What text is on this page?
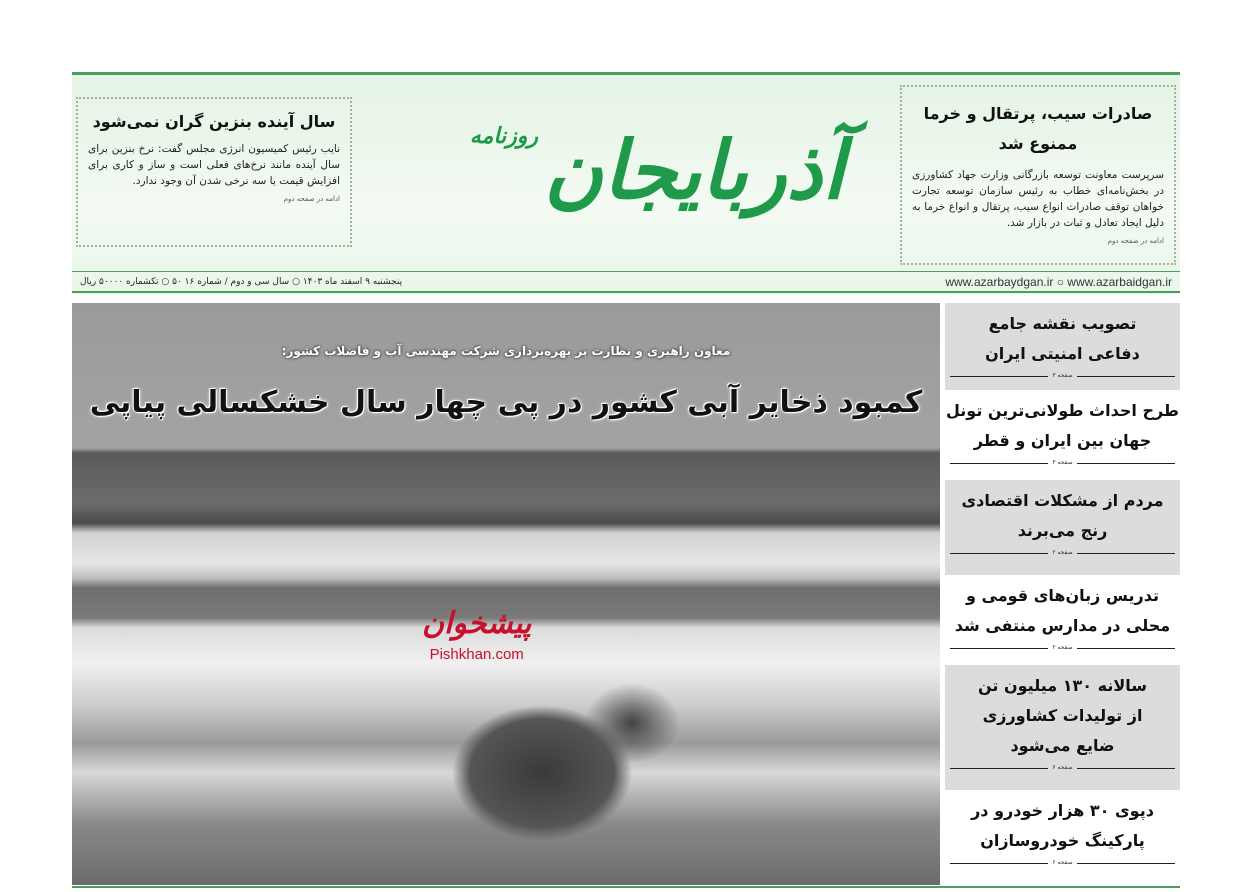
صادرات سیب، پرتقال و خرما ممنوع شد

سرپرست معاونت توسعه بازرگانی وزارت جهاد کشاورزی در بخش‌نامه‌ای خطاب به رئیس سازمان توسعه تجارت خواهان توقف صادرات انواع سیب، پرتقال و انواع خرما به دلیل ایجاد تعادل و ثبات در بازار شد.

ادامه در صفحه دوم
آذربایجان
روزنامه
سال آینده بنزین گران نمی‌شود

نایب رئیس کمیسیون انرژی مجلس گفت: نرخ بنزین برای سال آینده مانند نرخ‌های فعلی است و ساز و کاری برای افزایش قیمت یا سه نرخی شدن آن وجود ندارد.

ادامه در صفحه دوم
www.azarbaydgan.ir ○ www.azarbaidgan.ir
پنجشنبه ۹ اسفند ماه ۱۴۰۳ ○ سال سی و دوم / شماره ۱۶ ۵۰ ○ تکشماره ۵۰۰۰۰ ریال
معاون راهبری و نظارت بر بهره‌برداری شرکت مهندسی آب و فاضلاب کشور:
کمبود ذخایر آبی کشور در پی چهار سال خشکسالی پیاپی
پیشخوان
Pishkhan.com
تصویب نقشه جامع دفاعی امنیتی ایران
صفحه ۳
طرح احداث طولانی‌ترین تونل جهان بین ایران و قطر
صفحه ۳
مردم از مشکلات اقتصادی رنج می‌برند
صفحه ۲
تدریس زبان‌های قومی و محلی در مدارس منتفی شد
صفحه ۲
سالانه ۱۳۰ میلیون تن از تولیدات کشاورزی ضایع می‌شود
صفحه ۶
دپوی ۳۰ هزار خودرو در پارکینگ خودروسازان
صفحه ۶
